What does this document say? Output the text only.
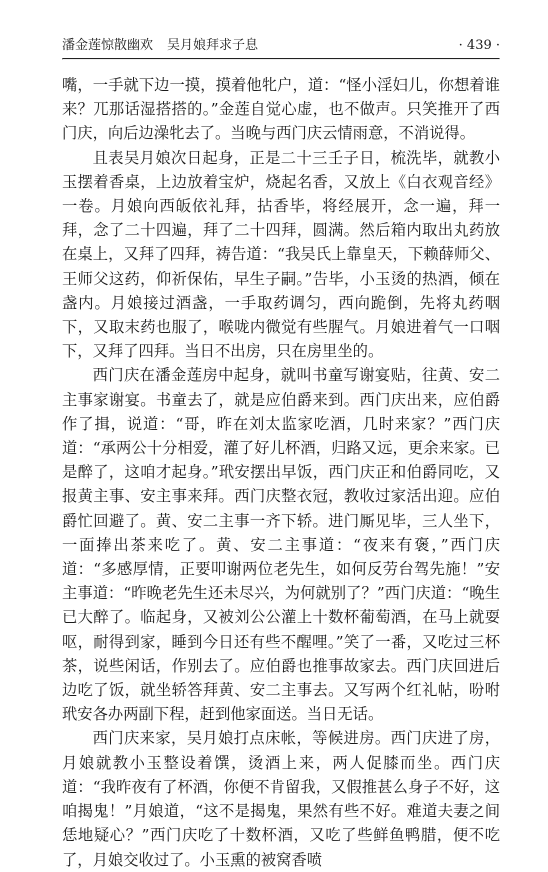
潘金莲惊散幽欢 吴月娘拜求子息	· 439 ·

嘴，一手就下边一摸，摸着他牝户，道：“怪小淫妇儿，你想着谁来？兀那话湿搭搭的。”金莲自觉心虚，也不做声。只笑推开了西门庆，向后边澡牝去了。当晚与西门庆云情雨意，不消说得。

且表吴月娘次日起身，正是二十三壬子日，梳洗毕，就教小玉摆着香桌，上边放着宝炉，烧起名香，又放上《白衣观音经》一卷。月娘向西皈依礼拜，拈香毕，将经展开，念一遍，拜一拜，念了二十四遍，拜了二十四拜，圆满。然后箱内取出丸药放在桌上，又拜了四拜，祷告道：“我吴氏上靠皇天，下赖薛师父、王师父这药，仰祈保佑，早生子嗣。”告毕，小玉烫的热酒，倾在盏内。月娘接过酒盏，一手取药调匀，西向跪倒，先将丸药咽下，又取末药也服了，喉咙内微觉有些腥气。月娘进着气一口咽下，又拜了四拜。当日不出房，只在房里坐的。

西门庆在潘金莲房中起身，就叫书童写谢宴贴，往黄、安二主事家谢宴。书童去了，就是应伯爵来到。西门庆出来，应伯爵作了揖，说道：“哥，昨在刘太监家吃酒，几时来家？”西门庆道：“承两公十分相爱，灌了好儿杯酒，归路又远，更余来家。已是醉了，这咱才起身。”玳安摆出早饭，西门庆正和伯爵同吃，又报黄主事、安主事来拜。西门庆整衣冠，教收过家活出迎。应伯爵忙回避了。黄、安二主事一齐下轿。进门厮见毕，三人坐下，一面捧出茶来吃了。黄、安二主事道：“夜来有褒，”西门庆道：“多感厚情，正要叩谢两位老先生，如何反劳台驾先施！”安主事道：“昨晚老先生还未尽兴，为何就别了？”西门庆道：“晚生已大醉了。临起身，又被刘公公灌上十数杯葡萄酒，在马上就耍呕，耐得到家，睡到今日还有些不醒哩。”笑了一番，又吃过三杯茶，说些闲话，作别去了。应伯爵也推事故家去。西门庆回进后边吃了饭，就坐轿答拜黄、安二主事去。又写两个红礼帖，吩咐玳安各办两副下程，赶到他家面送。当日无话。

西门庆来家，吴月娘打点床帐，等候进房。西门庆进了房，月娘就教小玉整设着馔，烫酒上来，两人促膝而坐。西门庆道：“我昨夜有了杯酒，你便不肯留我，又假推甚么身子不好，这咱揭鬼！”月娘道，“这不是揭鬼，果然有些不好。难道夫妻之间恁地疑心？”西门庆吃了十数杯酒，又吃了些鲜鱼鸭腊，便不吃了，月娘交收过了。小玉熏的被窝香喷
